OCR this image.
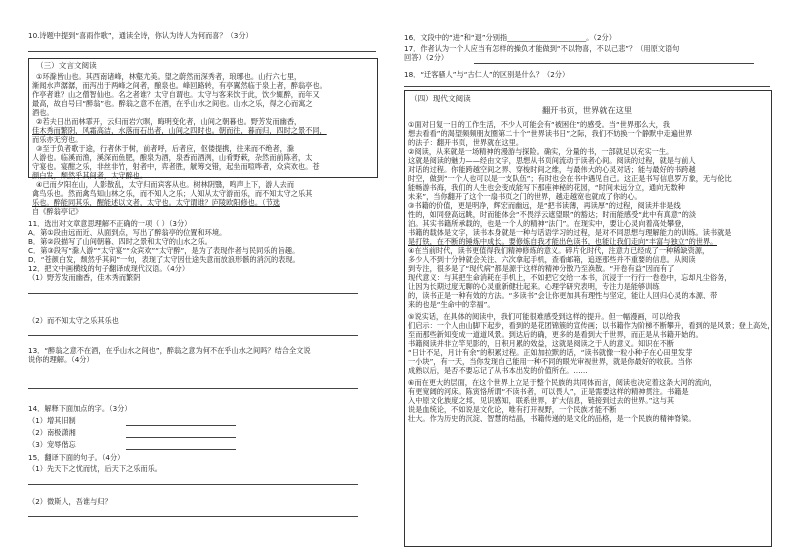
10.诗题中提到“喜雨作歌”，通读全诗，你认为诗人为何而喜？（3分）
（三）文言文阅读
①环滁皆山也。其西南诸峰，林壑尤美。望之蔚然而深秀者，琅琊也。山行六七里，
渐闻水声潺潺，而泻出于两峰之间者，酿泉也。峰回路转，有亭翼然临于泉上者，醉翁亭也。
作亭者谁？山之僧智仙也。名之者谁？太守自谓也。太守与客来饮于此，饮少辄醉，而年又
最高，故自号曰“醉翁”也。醉翁之意不在酒，在乎山水之间也。山水之乐，得之心而寓之
酒也。
②若夫日出而林霏开，云归而岩穴暝，晦明变化者，山间之朝暮也。野芳发而幽香，
佳木秀而繁阴，风霜高洁，水落而石出者，山间之四时也。朝而往，暮而归，四时之景不同，
而乐亦无穷也。
③至于负者歌于途，行者休于树，前者呼，后者应，伛偻提携，往来而不绝者，滁
人游也。临溪而渔，溪深而鱼肥，酿泉为酒，泉香而酒洌，山肴野蔌，杂然而前陈者，太
守宴也。宴酣之乐，非丝非竹，射者中，弈者胜，觥筹交错，起坐而喧哗者，众宾欢也。苍
颜白发，颓然乎其间者，太守醉也。
④已而夕阳在山，人影散乱，太守归而宾客从也。树林阴翳，鸣声上下，游人去而
禽鸟乐也。然而禽鸟知山林之乐，而不知人之乐；人知从太守游而乐，而不知太守之乐其
乐也。醉能同其乐，醒能述以文者，太守也。太守谓谁？庐陵欧阳修也。（节选
自《醉翁亭记》
11．选出对文章意思理解不正确的一项（ ）（3分）
A．第①段由远而近、从面到点，写出了醉翁亭的位置和环境。
B．第②段描写了山间朝暮、四时之景和太守的山水之乐。
C．第③段写“滁人游”“太守宴”“众宾欢”“太守醉”，是为了表现作者与民同乐的旨趣。
D．“苍颜白发，颓然乎其间”一句，表现了太守因仕途失意而放浪形骸的消沉的表现。
12．把文中画横线的句子翻译成现代汉语。（4分）
（1）野芳发而幽香，佳木秀而繁阴
（2）而不知太守之乐其乐也
13．“醉翁之意不在酒，在乎山水之间也”，醉翁之意为何不在乎山水之间吗？结合全文说
说你的理解。（4分）
14．解释下面加点的字。（3分）
（1）增其旧制
（2）南极潇湘
（3）宠辱偕忘
15．翻译下面的句子。（4分）
（1）先天下之忧而忧，后天下之乐而乐。
（2）微斯人，吾谁与归？
16．文段中的“进”和“退”分别指______________________。（2分）
17．作者认为一个人应当有怎样的操负才能做到“不以物喜，不以己悲”？（用原文语句
回答）（2分）
18．“迁客骚人”与“古仁人”的区别是什么？（2分）
（四）现代文阅读
翻开书页，世界就在这里
①面对日复一日的工作生活，不少人可能会有“被困住”的感受。当“世界那么大，我
想去看看”的渴望频频朋友圈第二十个“世界读书日”之际，我们不妨换一个静默中走遍世界
的法子：翻开书页，世界就在这里。
②阅读，从来就是一场精神的漫游与探险。确实，分量的书，一部就足以充实一生。
这就是阅读的魅力——经由文字，思想从书页间流动于读者心间。阅读的过程，就是与前人
对话的过程。你能跨越空间之界、穿梭时间之维，与最伟大的心灵对话；能与最好的书跨越
时空，做到“一个人也可以是一支队伍”；有时也会在书中遇见自己。这正是书写信息罗万象，无与伦比
能畅游书海，我们的人生也会变成能写下那座神秘的花园，“时间未远分立，通向无数种
未来”，当你翻开了这个一扇书页之门的世界，越走越宽也就成了你的心。
③书籍的价值，更是明净，辉宏而幽远，是“把书读薄，再读厚”的过程，阅读并非是线
性的，如同登高远眺，时而能体会“不畏浮云遮望眼”的豁达；时而能感受“此中有真意”的淡
泊。其实书籍所承载的，也是一个人的精神“法门”。在现实中，要让心灵向着高处攀登，
书籍的载体是文字，读书本身就是一种与话语学习的过程，是对不同思想与理解能力的训练。读书就是
是打铁，在不断的锤炼中成长。要修炼自我才能出色读书，也能让我们走向“丰富与独立”的世界。
④在当前时代，读书更值得我们精神修炼的意义。碎片化时代，注意力已经成了一种稀缺资源，
多少人不到十分钟就会关注、六次拿起手机，查看邮箱，追逐那些并不重要的信息。从阅读
到专注，很多是了“现代病”都是源于这样的精神分散乃至涣散。“开卷有益”因而有了
现代意义：与其把生命消耗在手机上，不如把它交给一本书，沉浸于一行行一卷卷中，忘却凡尘俗务，
让因为长期过度无聊的心灵重新健壮起来。心理学研究表明，专注力是能够训练
的，读书正是一种有效的方法。“多读书”会让你更加具有理性与坚定，能让人回归心灵的本源、带
来的也是“生命中的幸福”。
⑤说实话，在具体的阅读中，我们可能很难感受到这样的提升。但一幅漫画，可以给我
们启示：一个人由山脚下起步，看到的是花团锦簇的宣传画；以书籍作为阶梯不断攀升，看到的是风景；登上高处，
至而那些新知变成一道道风景。到达后的确，更多的是看到大千世界，而正是从书籍开始的。
书籍阅读并非立竿见影的，日积月累的效益，这就是阅读之于人的意义。知识在不断
“日计不足，月计有余”的积累过程。正如加拉默的话，“读书就像一粒小种子在心田里发芽
一小块”，有一天，当你发现自己能用一种不同的眼光审视世界，就是你最好的收获。当你
成熟以后，是否不要忘记了从书本出发的价值所在。……
⑥而在更大的层面，在这个世界上立足于整个民族的共同体而言，阅读也决定着这条大河的流向，
有更宽阔的河床。陈寅恪所谓“不读书者，可以畏人”，正是需要这样的精神贯注。书籍是
入中原文化族度之邦，见识感知，联系世界，扩大信息，链接到过去的世界。”这与其
说是血统论，不如说是文化论，唯有打开视野，一个民族才能不断
壮大。作为历史的沉淀、智慧的结晶，书籍传递的是文化的品格，是一个民族的精神脊梁。
